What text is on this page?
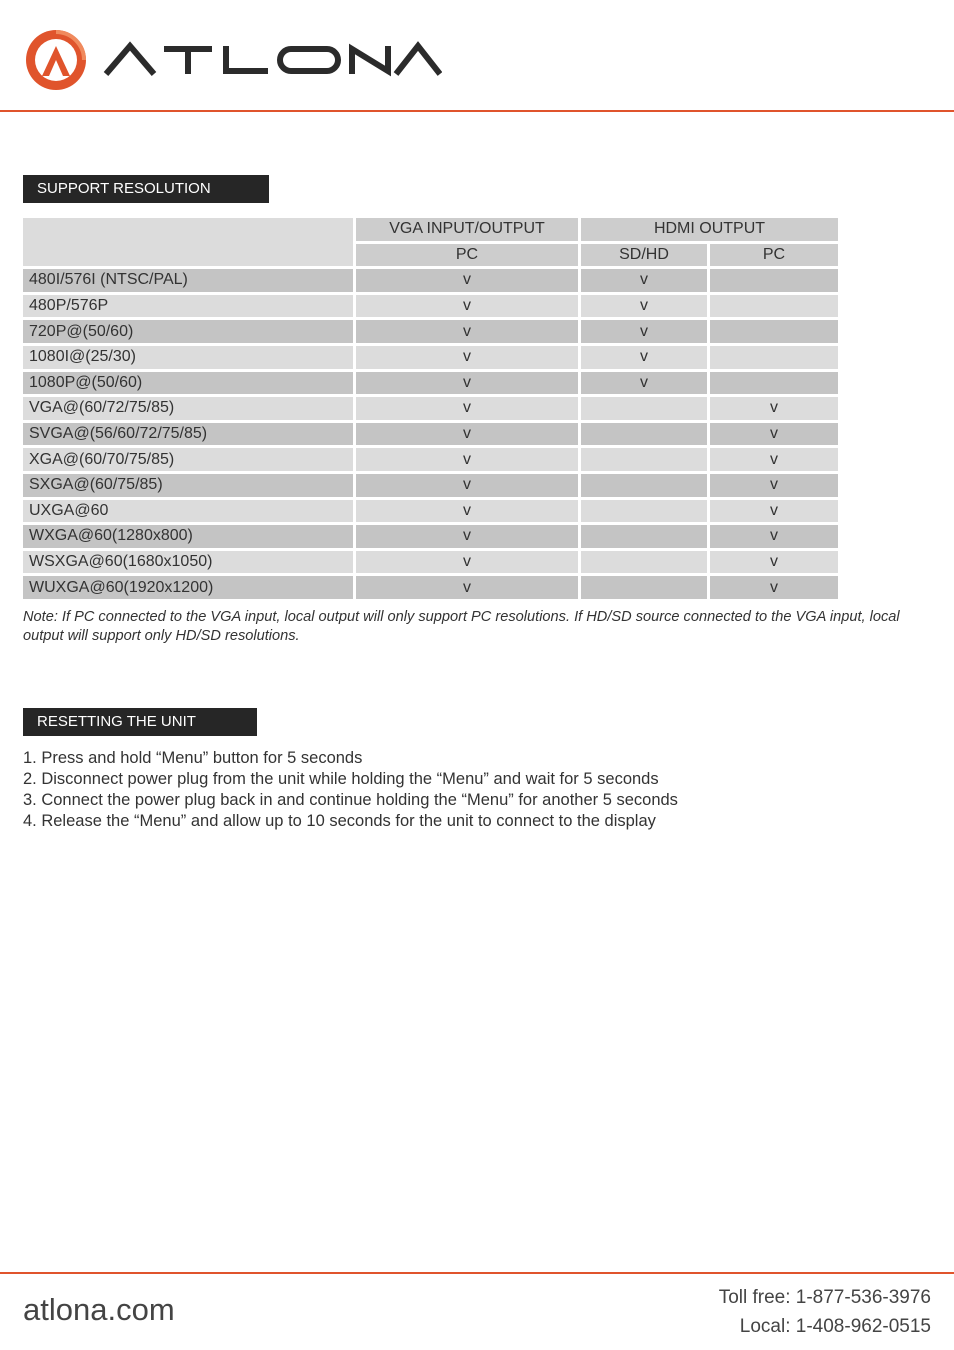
SUPPORT RESOLUTION
	VGA INPUT/OUTPUT	HDMI OUTPUT	
	PC	SD/HD	PC
480I/576I (NTSC/PAL)	v	v	
480P/576P	v	v	
720P@(50/60)	v	v	
1080I@(25/30)	v	v	
1080P@(50/60)	v	v	
VGA@(60/72/75/85)	v		v
SVGA@(56/60/72/75/85)	v		v
XGA@(60/70/75/85)	v		v
SXGA@(60/75/85)	v		v
UXGA@60	v		v
WXGA@60(1280x800)	v		v
WSXGA@60(1680x1050)	v		v
WUXGA@60(1920x1200)	v		v
Note: If PC connected to the VGA input, local output will only support PC resolutions. If HD/SD source connected to the VGA input, local output will support only HD/SD resolutions.
RESETTING THE UNIT
1. Press and hold “Menu” button for 5 seconds
2. Disconnect power plug from the unit while holding the “Menu” and wait for 5 seconds
3. Connect the power plug back in and continue holding the “Menu” for another 5 seconds
4. Release the “Menu” and allow up to 10 seconds for the unit to connect to the display
atlona.com	Toll free: 1-877-536-3976
Local: 1-408-962-0515
